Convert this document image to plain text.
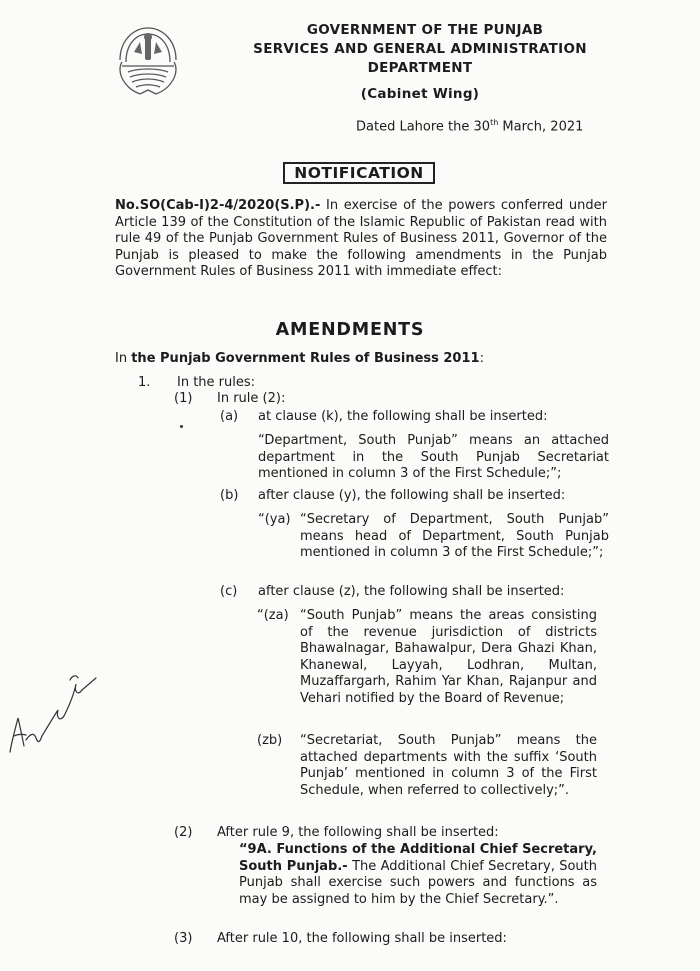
GOVERNMENT OF THE PUNJAB
SERVICES AND GENERAL ADMINISTRATION
DEPARTMENT
(Cabinet Wing)
Dated Lahore the 30th March, 2021
NOTIFICATION
No.SO(Cab-I)2-4/2020(S.P).- In exercise of the powers conferred under Article 139 of the Constitution of the Islamic Republic of Pakistan read with rule 49 of the Punjab Government Rules of Business 2011, Governor of the Punjab is pleased to make the following amendments in the Punjab Government Rules of Business 2011 with immediate effect:
AMENDMENTS
In the Punjab Government Rules of Business 2011:
1. In the rules:
(1) In rule (2):
(a) at clause (k), the following shall be inserted:
“Department, South Punjab” means an attached department in the South Punjab Secretariat mentioned in column 3 of the First Schedule;”;
(b) after clause (y), the following shall be inserted:
“(ya) “Secretary of Department, South Punjab” means head of Department, South Punjab mentioned in column 3 of the First Schedule;”;
(c) after clause (z), the following shall be inserted:
“(za) “South Punjab” means the areas consisting of the revenue jurisdiction of districts Bhawalnagar, Bahawalpur, Dera Ghazi Khan, Khanewal, Layyah, Lodhran, Multan, Muzaffargarh, Rahim Yar Khan, Rajanpur and Vehari notified by the Board of Revenue;
(zb) “Secretariat, South Punjab” means the attached departments with the suffix ‘South Punjab’ mentioned in column 3 of the First Schedule, when referred to collectively;”.
(2) After rule 9, the following shall be inserted:
“9A. Functions of the Additional Chief Secretary, South Punjab.- The Additional Chief Secretary, South Punjab shall exercise such powers and functions as may be assigned to him by the Chief Secretary.”.
(3) After rule 10, the following shall be inserted:
